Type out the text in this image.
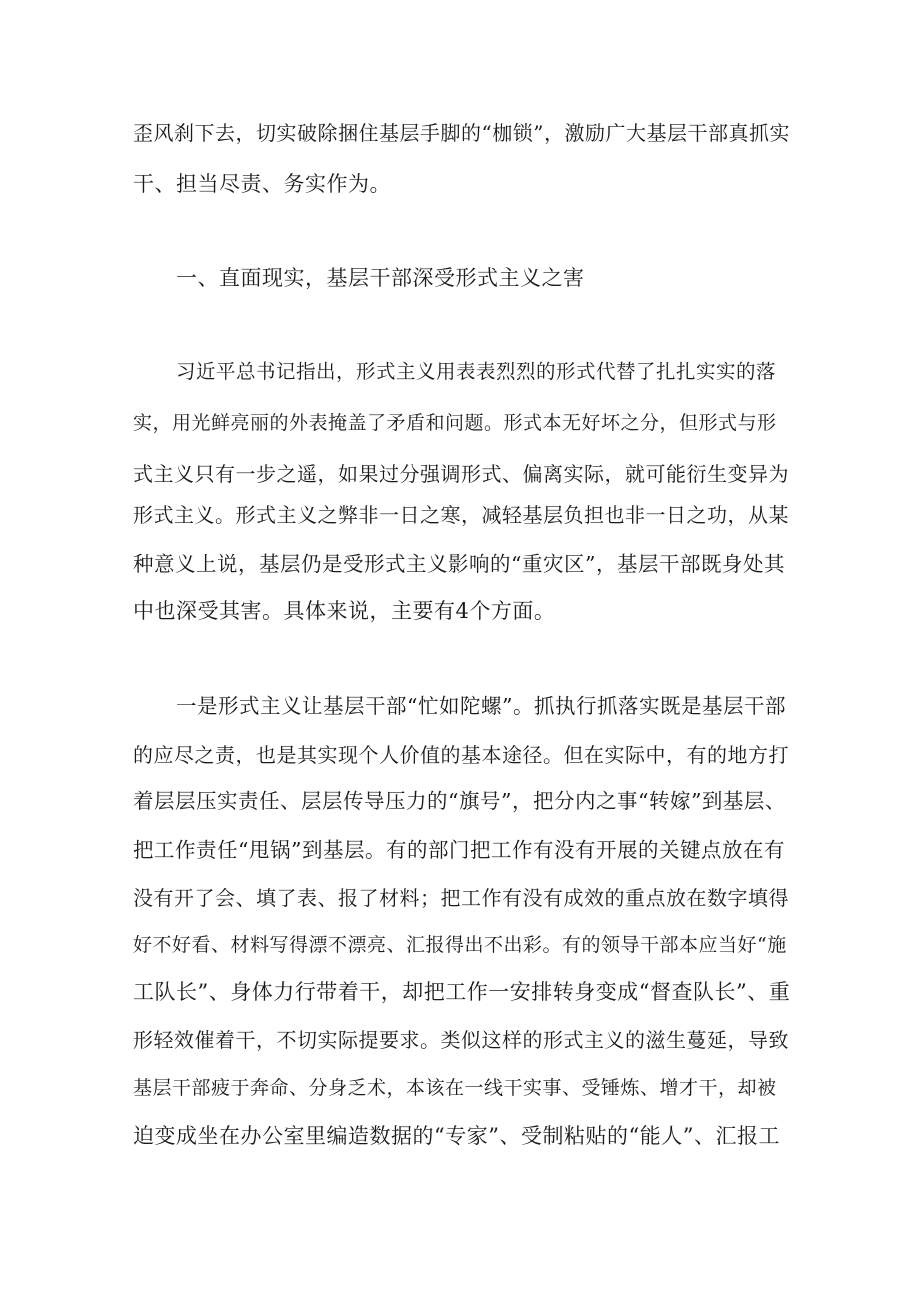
歪风刹下去，切实破除捆住基层手脚的“枷锁”，激励广大基层干部真抓实

干、担当尽责、务实作为。

一、直面现实，基层干部深受形式主义之害

习近平总书记指出，形式主义用表表烈烈的形式代替了扎扎实实的落

实，用光鲜亮丽的外表掩盖了矛盾和问题。形式本无好坏之分，但形式与形

式主义只有一步之遥，如果过分强调形式、偏离实际，就可能衍生变异为

形式主义。形式主义之弊非一日之寒，减轻基层负担也非一日之功，从某

种意义上说，基层仍是受形式主义影响的“重灾区”，基层干部既身处其

中也深受其害。具体来说，主要有4个方面。

一是形式主义让基层干部“忙如陀螺”。抓执行抓落实既是基层干部

的应尽之责，也是其实现个人价值的基本途径。但在实际中，有的地方打

着层层压实责任、层层传导压力的“旗号”，把分内之事“转嫁”到基层、

把工作责任“甩锅”到基层。有的部门把工作有没有开展的关键点放在有

没有开了会、填了表、报了材料；把工作有没有成效的重点放在数字填得

好不好看、材料写得漂不漂亮、汇报得出不出彩。有的领导干部本应当好“施

工队长”、身体力行带着干，却把工作一安排转身变成“督查队长”、重

形轻效催着干，不切实际提要求。类似这样的形式主义的滋生蔓延，导致

基层干部疲于奔命、分身乏术，本该在一线干实事、受锤炼、增才干，却被

迫变成坐在办公室里编造数据的“专家”、受制粘贴的“能人”、汇报工
